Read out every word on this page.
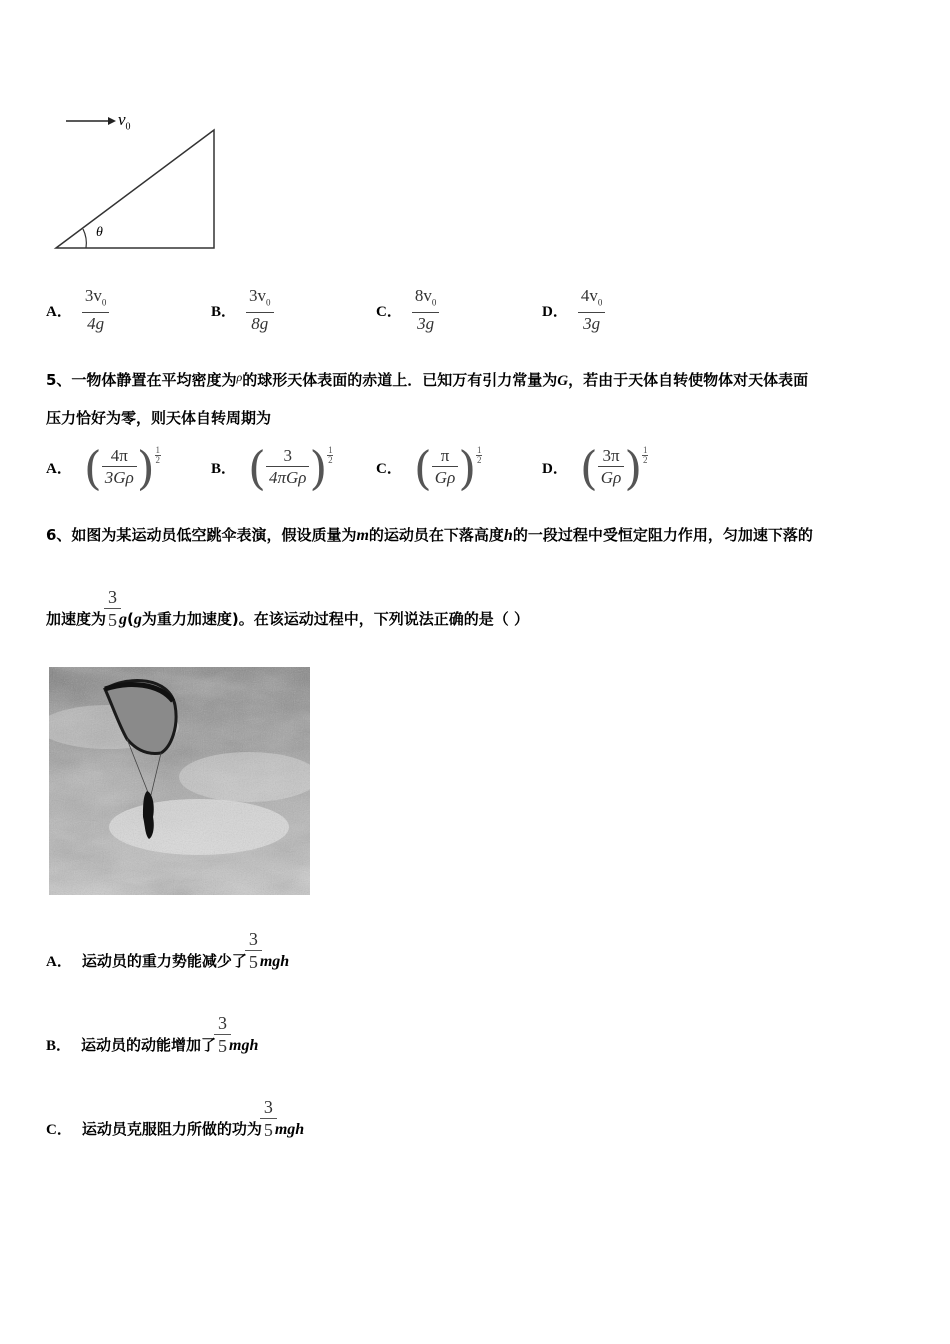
$v_0$
θ
A． $\frac{3v_0}{4g}$	B． $\frac{3v_0}{8g}$	C． $\frac{8v_0}{3g}$	D． $\frac{4v_0}{3g}$
5、一物体静置在平均密度为$^\rho$的球形天体表面的赤道上．已知万有引力常量为G，若由于天体自转使物体对天体表面
压力恰好为零，则天体自转周期为
A． ( $\frac{4\pi}{3G\rho}$ ) 1
2
B． ( $\frac{3}{\text{4πGρ}}$ ) 1
2
C． ( $\frac{\pi}{G\rho}$ ) 1
2
D． ( $\frac{3\pi}{G\rho}$ ) 1
2
6、如图为某运动员低空跳伞表演，假设质量为m的运动员在下落高度h的一段过程中受恒定阻力作用，匀加速下落的
加速度为
3
5 g(g为重力加速度)。在该运动过程中，下列说法正确的是（ ）
A． 运动员的重力势能减少了
3
5 mgh
B． 运动员的动能增加了
3
5 mgh
C． 运动员克服阻力所做的功为
3
5 mgh
